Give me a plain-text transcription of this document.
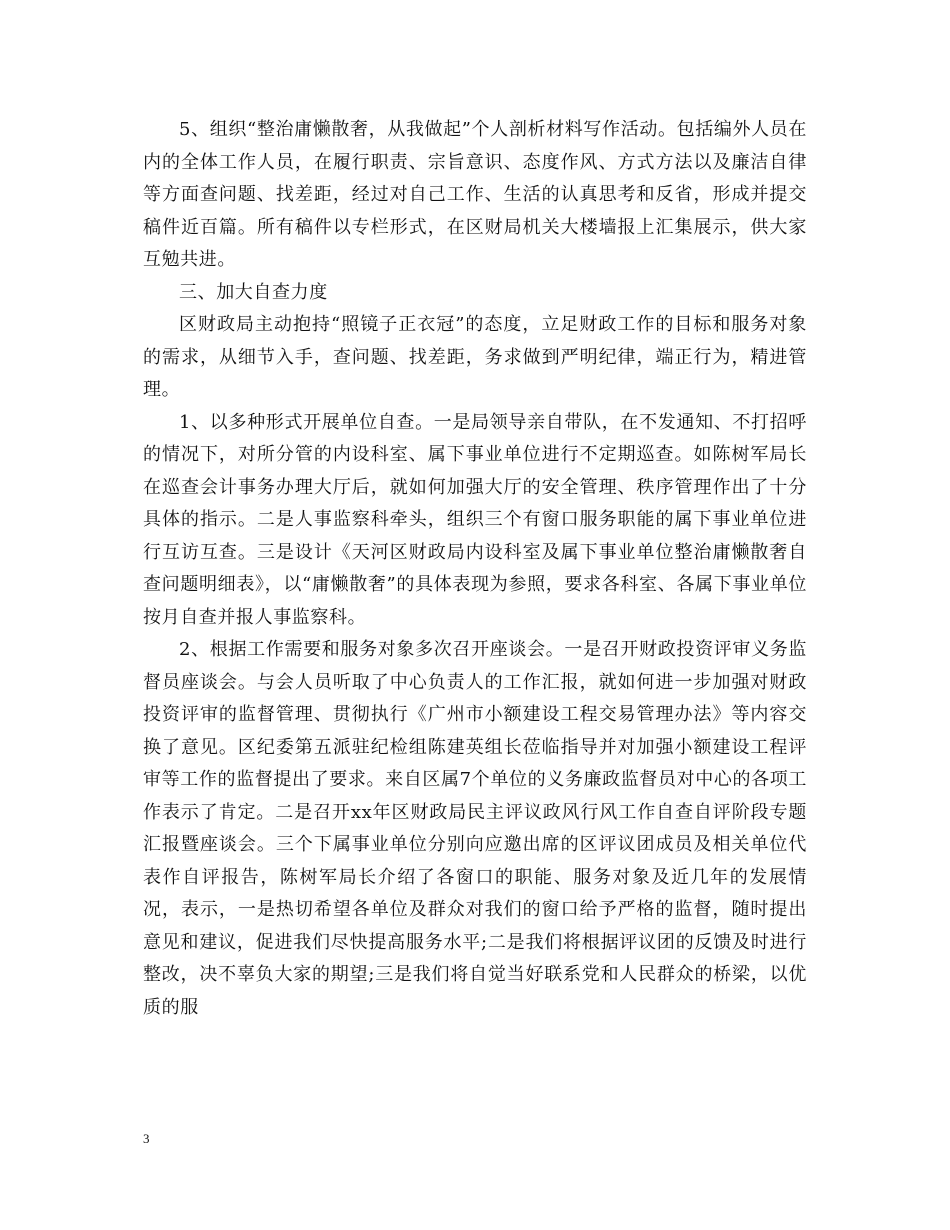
5、组织“整治庸懒散奢，从我做起”个人剖析材料写作活动。包括编外人员在内的全体工作人员，在履行职责、宗旨意识、态度作风、方式方法以及廉洁自律等方面查问题、找差距，经过对自己工作、生活的认真思考和反省，形成并提交稿件近百篇。所有稿件以专栏形式，在区财局机关大楼墙报上汇集展示，供大家互勉共进。

三、加大自查力度

区财政局主动抱持“照镜子正衣冠”的态度，立足财政工作的目标和服务对象的需求，从细节入手，查问题、找差距，务求做到严明纪律，端正行为，精进管理。

1、以多种形式开展单位自查。一是局领导亲自带队，在不发通知、不打招呼的情况下，对所分管的内设科室、属下事业单位进行不定期巡查。如陈树军局长在巡查会计事务办理大厅后，就如何加强大厅的安全管理、秩序管理作出了十分具体的指示。二是人事监察科牵头，组织三个有窗口服务职能的属下事业单位进行互访互查。三是设计《天河区财政局内设科室及属下事业单位整治庸懒散奢自查问题明细表》，以“庸懒散奢”的具体表现为参照，要求各科室、各属下事业单位按月自查并报人事监察科。

2、根据工作需要和服务对象多次召开座谈会。一是召开财政投资评审义务监督员座谈会。与会人员听取了中心负责人的工作汇报，就如何进一步加强对财政投资评审的监督管理、贯彻执行《广州市小额建设工程交易管理办法》等内容交换了意见。区纪委第五派驻纪检组陈建英组长莅临指导并对加强小额建设工程评审等工作的监督提出了要求。来自区属7个单位的义务廉政监督员对中心的各项工作表示了肯定。二是召开xx年区财政局民主评议政风行风工作自查自评阶段专题汇报暨座谈会。三个下属事业单位分别向应邀出席的区评议团成员及相关单位代表作自评报告，陈树军局长介绍了各窗口的职能、服务对象及近几年的发展情况，表示，一是热切希望各单位及群众对我们的窗口给予严格的监督，随时提出意见和建议，促进我们尽快提高服务水平;二是我们将根据评议团的反馈及时进行整改，决不辜负大家的期望;三是我们将自觉当好联系党和人民群众的桥梁，以优质的服

3
